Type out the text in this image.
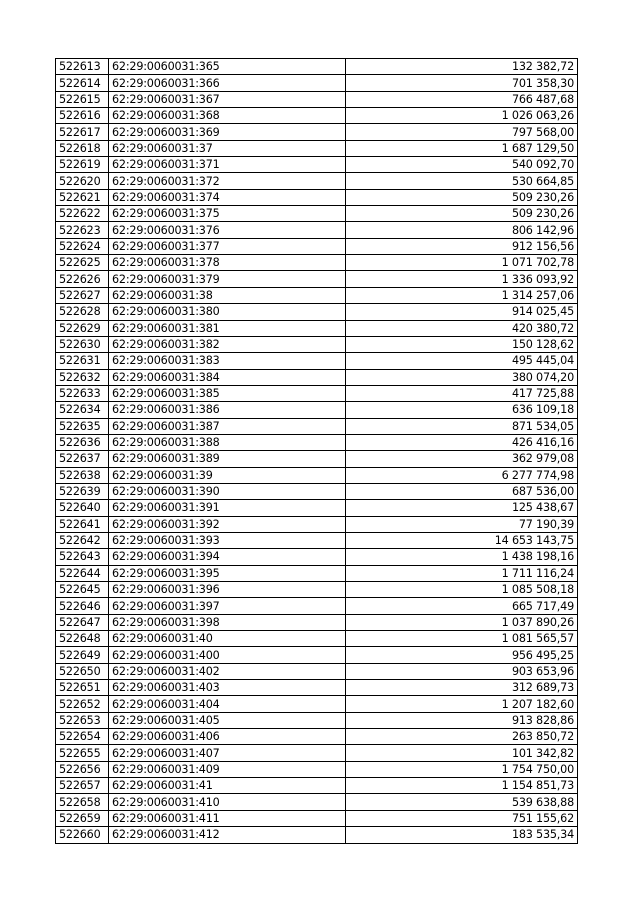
522613	62:29:0060031:365	132 382,72
522614	62:29:0060031:366	701 358,30
522615	62:29:0060031:367	766 487,68
522616	62:29:0060031:368	1 026 063,26
522617	62:29:0060031:369	797 568,00
522618	62:29:0060031:37	1 687 129,50
522619	62:29:0060031:371	540 092,70
522620	62:29:0060031:372	530 664,85
522621	62:29:0060031:374	509 230,26
522622	62:29:0060031:375	509 230,26
522623	62:29:0060031:376	806 142,96
522624	62:29:0060031:377	912 156,56
522625	62:29:0060031:378	1 071 702,78
522626	62:29:0060031:379	1 336 093,92
522627	62:29:0060031:38	1 314 257,06
522628	62:29:0060031:380	914 025,45
522629	62:29:0060031:381	420 380,72
522630	62:29:0060031:382	150 128,62
522631	62:29:0060031:383	495 445,04
522632	62:29:0060031:384	380 074,20
522633	62:29:0060031:385	417 725,88
522634	62:29:0060031:386	636 109,18
522635	62:29:0060031:387	871 534,05
522636	62:29:0060031:388	426 416,16
522637	62:29:0060031:389	362 979,08
522638	62:29:0060031:39	6 277 774,98
522639	62:29:0060031:390	687 536,00
522640	62:29:0060031:391	125 438,67
522641	62:29:0060031:392	77 190,39
522642	62:29:0060031:393	14 653 143,75
522643	62:29:0060031:394	1 438 198,16
522644	62:29:0060031:395	1 711 116,24
522645	62:29:0060031:396	1 085 508,18
522646	62:29:0060031:397	665 717,49
522647	62:29:0060031:398	1 037 890,26
522648	62:29:0060031:40	1 081 565,57
522649	62:29:0060031:400	956 495,25
522650	62:29:0060031:402	903 653,96
522651	62:29:0060031:403	312 689,73
522652	62:29:0060031:404	1 207 182,60
522653	62:29:0060031:405	913 828,86
522654	62:29:0060031:406	263 850,72
522655	62:29:0060031:407	101 342,82
522656	62:29:0060031:409	1 754 750,00
522657	62:29:0060031:41	1 154 851,73
522658	62:29:0060031:410	539 638,88
522659	62:29:0060031:411	751 155,62
522660	62:29:0060031:412	183 535,34
